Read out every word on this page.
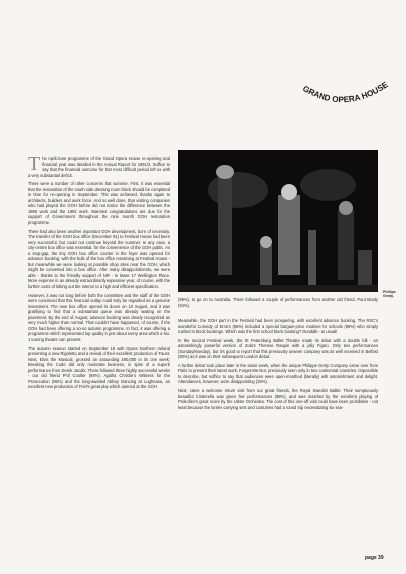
GRAND OPERA HOUSE

The April/June programme of the Grand Opera House re-opening and financial year was detailed in the Annual Report for 1991/2. Suffice to say that the financial outcome for that most difficult period left us with a very substantial deficit.

There were a number of other concerns that summer. First, it was essential that the restoration of the south side dressing room block should be completed in time for re-opening in September. This was achieved, thanks again to architects, builders and work force. And so well done, that visiting companies who had played the GOH before did not notice the difference between the 1895 work and the 1992 work. Warmest congratulations are due for the support of Government throughout the nine month GOH restoration programme.

There had also been another important GOH development, born of necessity. The transfer of the GOH box office (December 91) to Festival House had been very successful, but could not continue beyond the summer. In any case, a city-centre box office was essential, for the convenience of the GOH public. As a stop-gap, the tiny GOH box office counter in the foyer was opened for advance booking, with the bulk of the box office remaining at Festival House - but meanwhile we were looking at possible shop sites near the GOH, which might be converted into a box office. After many disappointments, we were able - thanks to the friendly support of NIR - to lease 17 Wellington Place. More expense in an already extraordinarily expensive year, of course, with the further costs of kitting out the interior to a high and efficient specification.

However, it was not long before both the committee and the staff of the GOH were convinced that this financial outlay could truly be regarded as a genuine investment. The new box office opened its doors on 10 August, and it was gratifying to find that a substantial queue was already waiting on the pavement. By the end of August, advance booking was clearly recognized as very much higher than normal. That couldn't have happened, of course, if the GOH had been offering a so-so autumn programme. In fact, it was offering a programme which represented top quality in just about every area which a No. 1 touring theatre can present.

The autumn season started on September 18 with Opera Northern Ireland presenting a new Rigoletto and a revival of their excellent production of Faust. Next, Elvis the Musical, grossed an astounding £90,000 in its one week; Breaking the Code did only moderate business, in spite of a superb performance from Derek Jacobi. There followed three highly successful weeks - our old friend Phil Coulter (94%), Agatha Christie's Witness for the Prosecution (85%) and the long-awaited Abbey Dancing at Lughnasa, an excellent new production of Friel's great play which opened at the GOH

Phillipe Genty.
(99%), to go on to Australia. There followed a couple of performances from another old friend, Paul Brady (94%).

Meanwhile, the GOH part in the Festival had been prospering, with excellent advance booking. The RSC's wonderful Comedy of Errors (96%) included a special bargain-price matinee for schools (98%) who simply rushed in block bookings. Which was the first school block booking? Dundalk - as usual!

In the second Festival week, the St Petersburg Ballet Theatre made its debut with a double bill - an astonishingly powerful version of Zola's Therese Raquin with a jolly Figaro. Only two performances (Sunday/Monday), but it's good to report that this previously unseen company was as well received in Belfast (80%) as it was on their subsequent London debut.

A further debut took place later in the same week, when the unique Philippe Genty Company came over from Paris to present their latest work, Forget-Me-Not, previously seen only in two continental countries. Impossible to describe, but suffice to say that audiences were open-mouthed (literally) with astonishment and delight. Attendances, however, were disappointing (32%).

Next, came a welcome return visit from our great friends, the Royal Swedish Ballet. Their sumptuously beautiful Cinderella was given five performances (98%), and was matched by the excellent playing of Prokofiev's great score by the Ulster Orchestra. The cost of this one-off visit could have been prohibitive - not least because the lorries carrying sets and costumes had a round trip necessitating six sea-

page 39
